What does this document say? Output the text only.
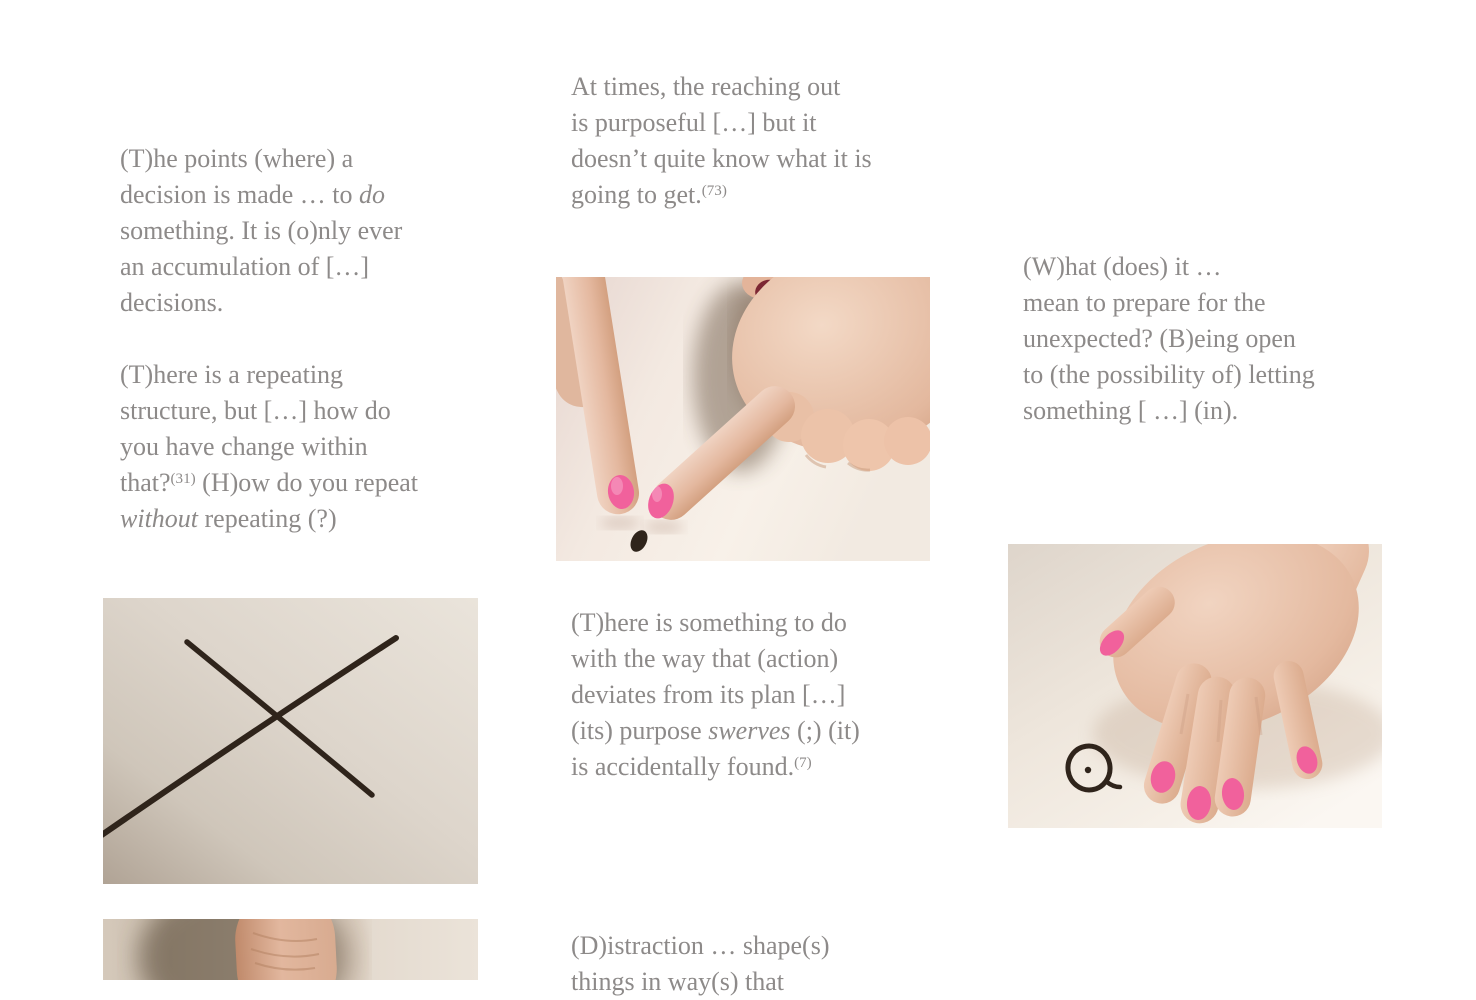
(T)he points (where) a
decision is made … to do
something. It is (o)nly ever
an accumulation of […]
decisions.
(T)here is a repeating
structure, but […] how do
you have change within
that?$^{(31)}$ (H)ow do you repeat
without repeating (?)
At times, the reaching out
is purposeful […] but it
doesn’t quite know what it is
going to get.$^{(73)}$
(T)here is something to do
with the way that (action)
deviates from its plan […]
(its) purpose swerves (;) (it)
is accidentally found.$^{(7)}$
(D)istraction … shape(s)
things in way(s) that
(W)hat (does) it …
mean to prepare for the
unexpected? (B)eing open
to (the possibility of) letting
something [ …] (in).
